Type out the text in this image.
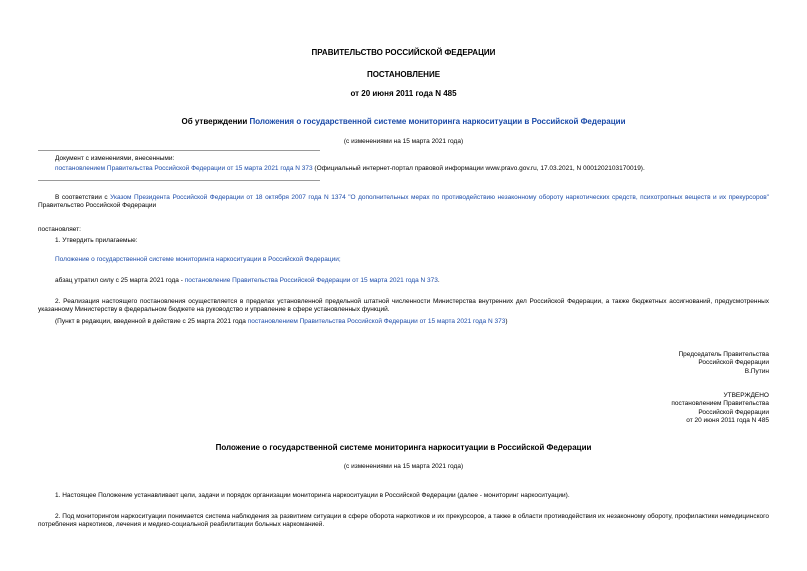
ПРАВИТЕЛЬСТВО РОССИЙСКОЙ ФЕДЕРАЦИИ
ПОСТАНОВЛЕНИЕ
от 20 июня 2011 года N 485
Об утверждении Положения о государственной системе мониторинга наркоситуации в Российской Федерации
(с изменениями на 15 марта 2021 года)
Документ с изменениями, внесенными:
постановлением Правительства Российской Федерации от 15 марта 2021 года N 373 (Официальный интернет-портал правовой информации www.pravo.gov.ru, 17.03.2021, N 0001202103170019).
В соответствии с Указом Президента Российской Федерации от 18 октября 2007 года N 1374 "О дополнительных мерах по противодействию незаконному обороту наркотических средств, психотропных веществ и их прекурсоров" Правительство Российской Федерации
постановляет:
1. Утвердить прилагаемые:
Положение о государственной системе мониторинга наркоситуации в Российской Федерации;
абзац утратил силу с 25 марта 2021 года - постановление Правительства Российской Федерации от 15 марта 2021 года N 373.
2. Реализация настоящего постановления осуществляется в пределах установленной предельной штатной численности Министерства внутренних дел Российской Федерации, а также бюджетных ассигнований, предусмотренных указанному Министерству в федеральном бюджете на руководство и управление в сфере установленных функций.
(Пункт в редакции, введенной в действие с 25 марта 2021 года постановлением Правительства Российской Федерации от 15 марта 2021 года N 373)
Председатель Правительства
Российской Федерации
В.Путин
УТВЕРЖДЕНО
постановлением Правительства
Российской Федерации
от 20 июня 2011 года N 485
Положение о государственной системе мониторинга наркоситуации в Российской Федерации
(с изменениями на 15 марта 2021 года)
1. Настоящее Положение устанавливает цели, задачи и порядок организации мониторинга наркоситуации в Российской Федерации (далее - мониторинг наркоситуации).
2. Под мониторингом наркоситуации понимается система наблюдения за развитием ситуации в сфере оборота наркотиков и их прекурсоров, а также в области противодействия их незаконному обороту, профилактики немедицинского потребления наркотиков, лечения и медико-социальной реабилитации больных наркоманией.
